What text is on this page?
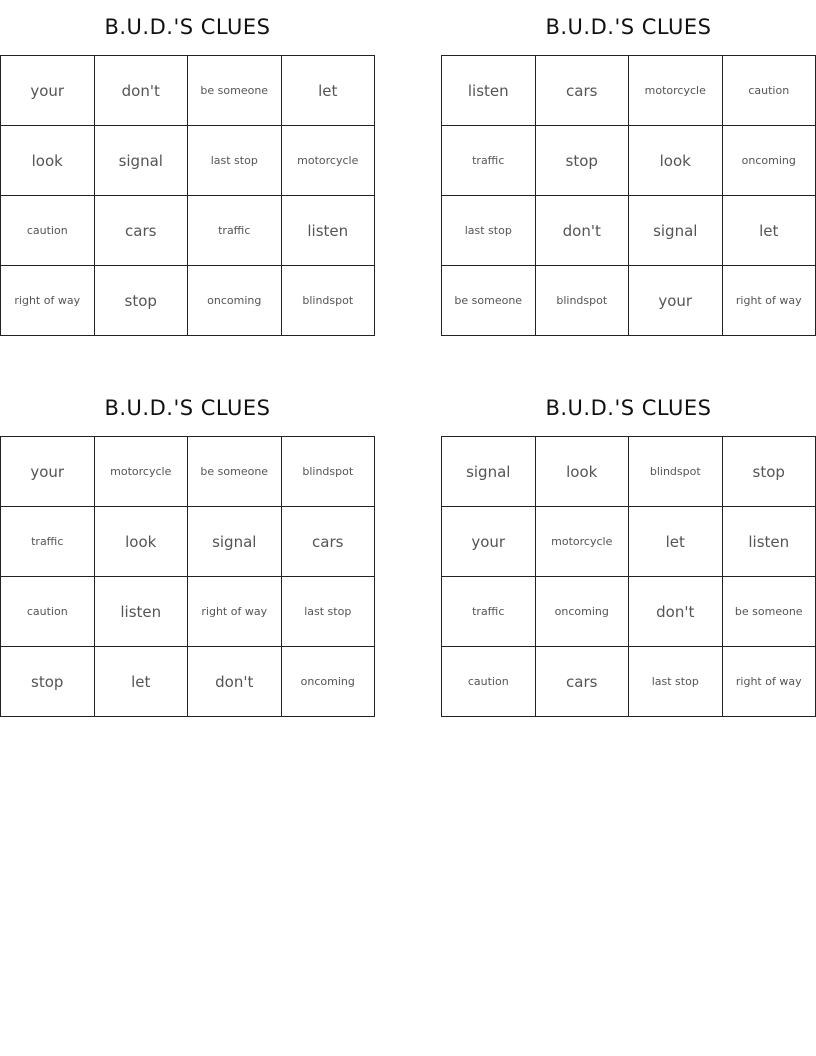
B.U.D.'S CLUES
your	don't	be someone	let
look	signal	last stop	motorcycle
caution	cars	traffic	listen
right of way	stop	oncoming	blindspot
B.U.D.'S CLUES
listen	cars	motorcycle	caution
traffic	stop	look	oncoming
last stop	don't	signal	let
be someone	blindspot	your	right of way
B.U.D.'S CLUES
your	motorcycle	be someone	blindspot
traffic	look	signal	cars
caution	listen	right of way	last stop
stop	let	don't	oncoming
B.U.D.'S CLUES
signal	look	blindspot	stop
your	motorcycle	let	listen
traffic	oncoming	don't	be someone
caution	cars	last stop	right of way
